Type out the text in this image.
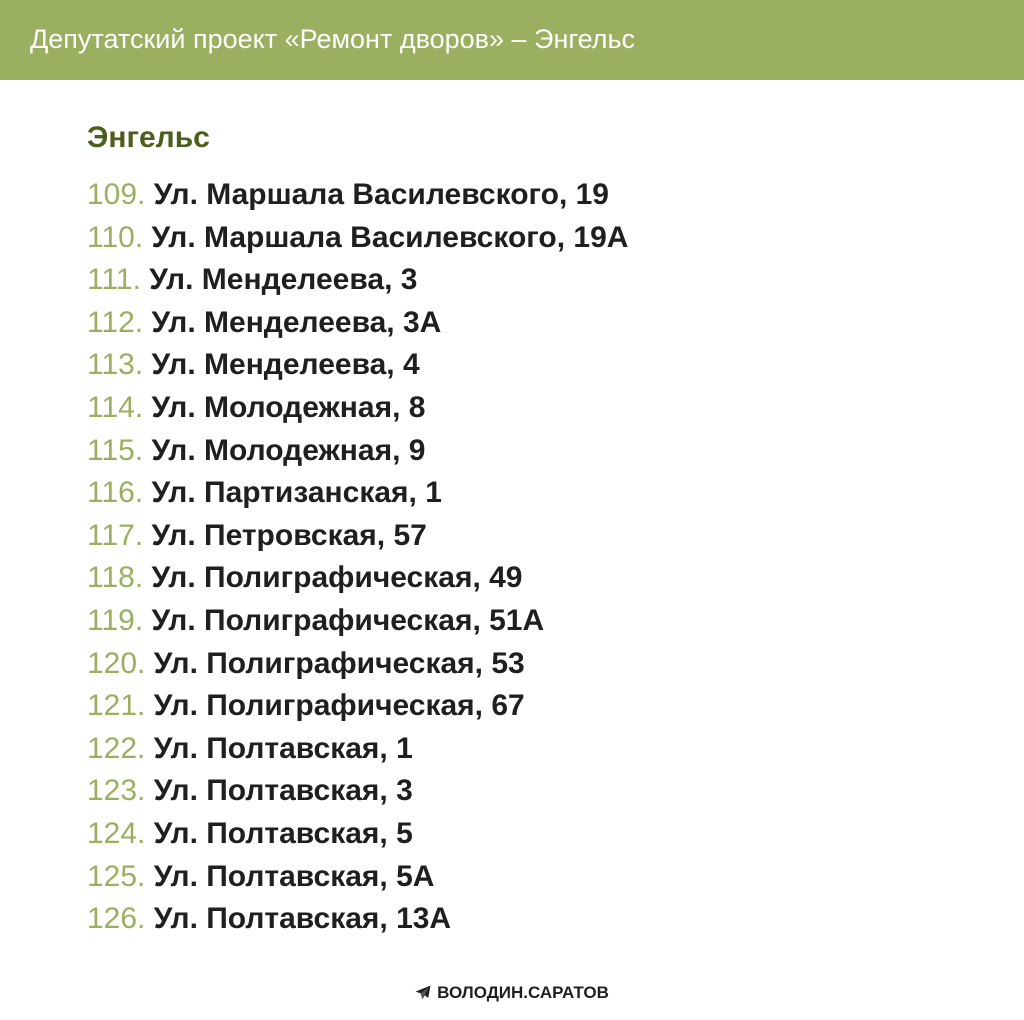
Депутатский проект «Ремонт дворов» – Энгельс
Энгельс
109. Ул. Маршала Василевского, 19
110. Ул. Маршала Василевского, 19А
111. Ул. Менделеева, 3
112. Ул. Менделеева, 3А
113. Ул. Менделеева, 4
114. Ул. Молодежная, 8
115. Ул. Молодежная, 9
116. Ул. Партизанская, 1
117. Ул. Петровская, 57
118. Ул. Полиграфическая, 49
119. Ул. Полиграфическая, 51А
120. Ул. Полиграфическая, 53
121. Ул. Полиграфическая, 67
122. Ул. Полтавская, 1
123. Ул. Полтавская, 3
124. Ул. Полтавская, 5
125. Ул. Полтавская, 5А
126. Ул. Полтавская, 13А
ВОЛОДИН.САРАТОВ
